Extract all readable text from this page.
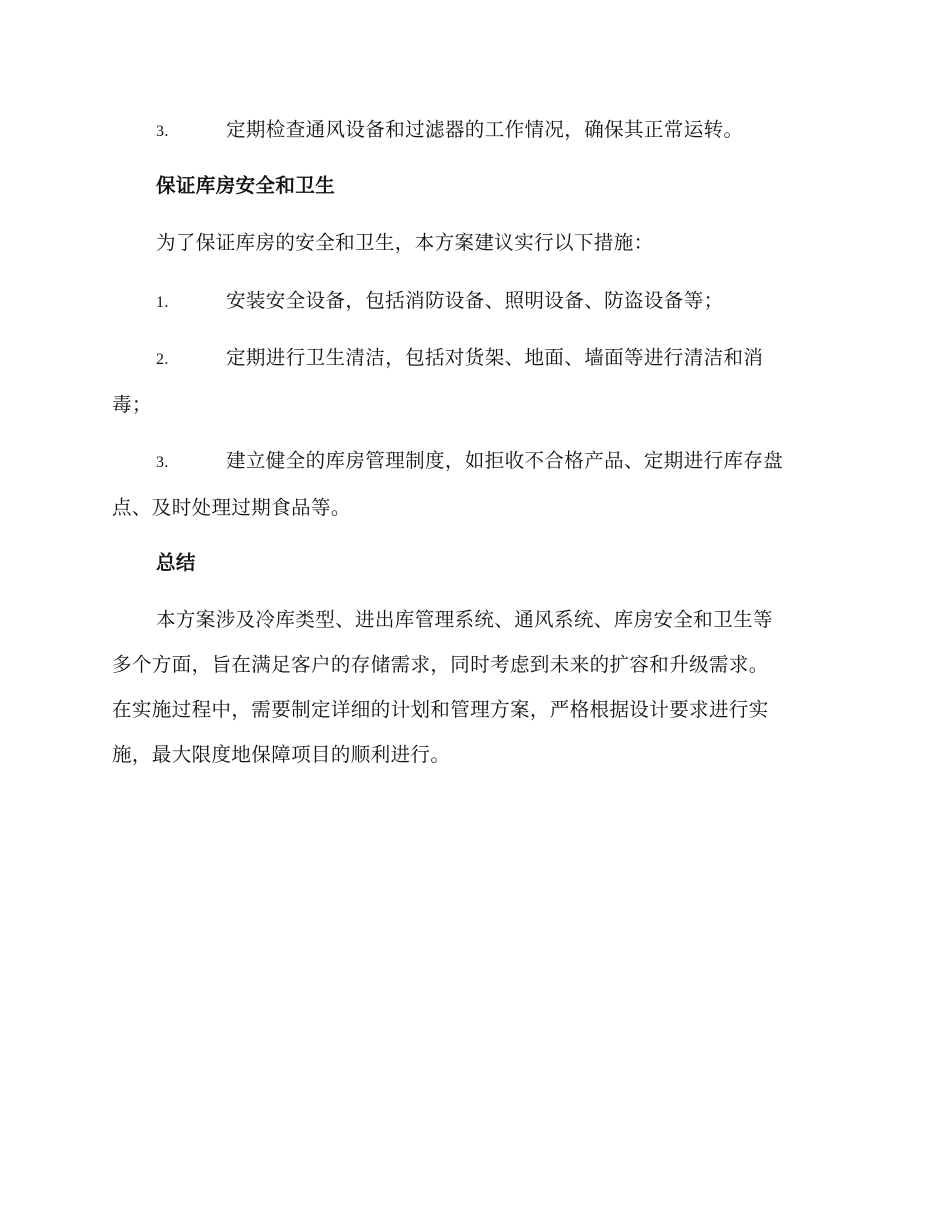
3.	定期检查通风设备和过滤器的工作情况，确保其正常运转。
保证库房安全和卫生
为了保证库房的安全和卫生，本方案建议实行以下措施：
1.	安装安全设备，包括消防设备、照明设备、防盗设备等；
2.	定期进行卫生清洁，包括对货架、地面、墙面等进行清洁和消
毒；
3.	建立健全的库房管理制度，如拒收不合格产品、定期进行库存盘
点、及时处理过期食品等。
总结
本方案涉及冷库类型、进出库管理系统、通风系统、库房安全和卫生等
多个方面，旨在满足客户的存储需求，同时考虑到未来的扩容和升级需求。
在实施过程中，需要制定详细的计划和管理方案，严格根据设计要求进行实
施，最大限度地保障项目的顺利进行。
